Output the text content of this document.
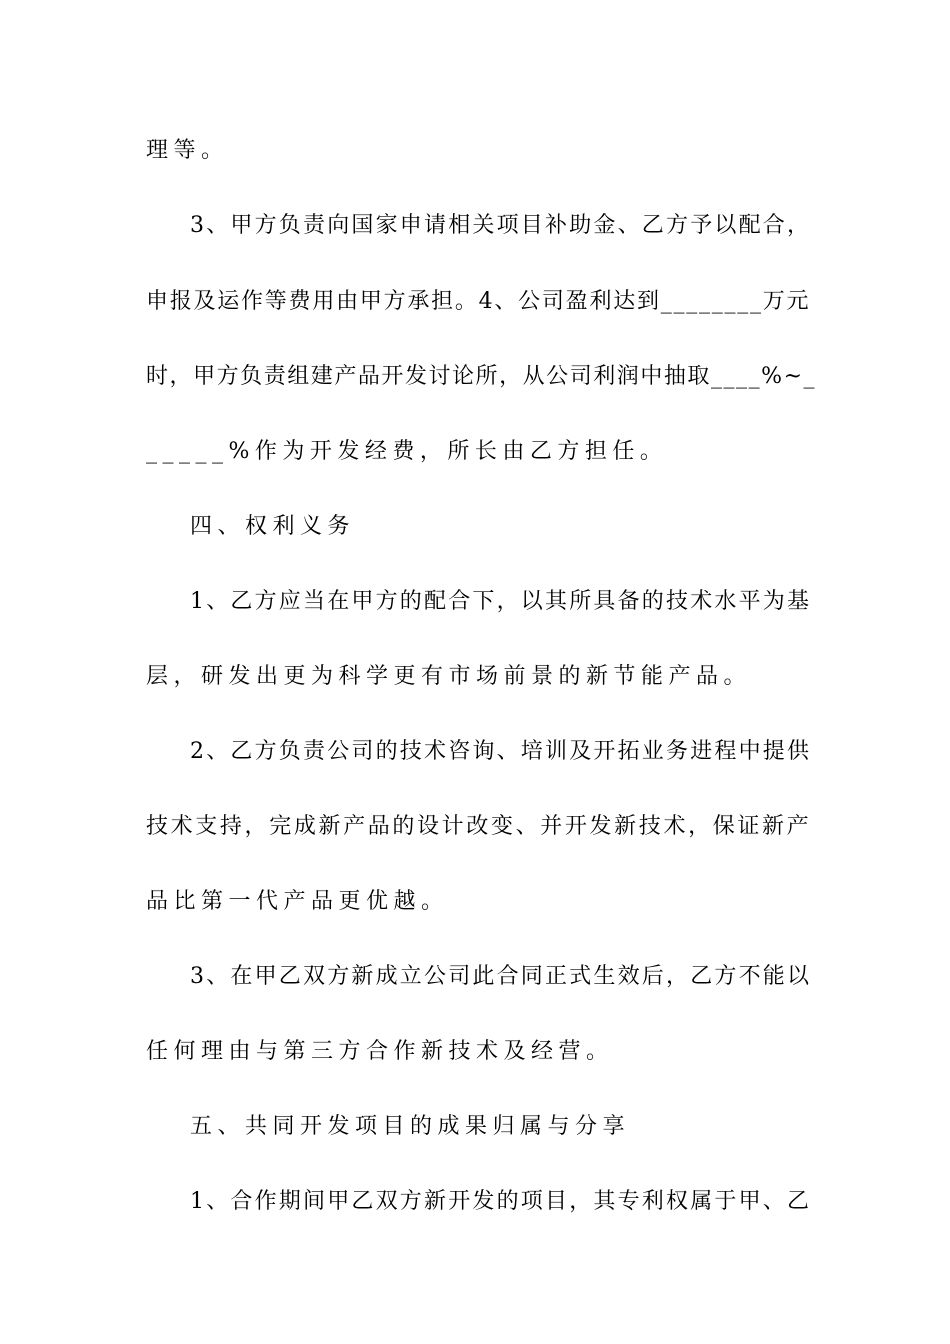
理等。
3、甲方负责向国家申请相关项目补助金、乙方予以配合，
申报及运作等费用由甲方承担。4、公司盈利达到________万元
时，甲方负责组建产品开发讨论所，从公司利润中抽取____%~_
_____%作为开发经费，所长由乙方担任。
四、权利义务
1、乙方应当在甲方的配合下，以其所具备的技术水平为基
层，研发出更为科学更有市场前景的新节能产品。
2、乙方负责公司的技术咨询、培训及开拓业务进程中提供
技术支持，完成新产品的设计改变、并开发新技术，保证新产
品比第一代产品更优越。
3、在甲乙双方新成立公司此合同正式生效后，乙方不能以
任何理由与第三方合作新技术及经营。
五、共同开发项目的成果归属与分享
1、合作期间甲乙双方新开发的项目，其专利权属于甲、乙
